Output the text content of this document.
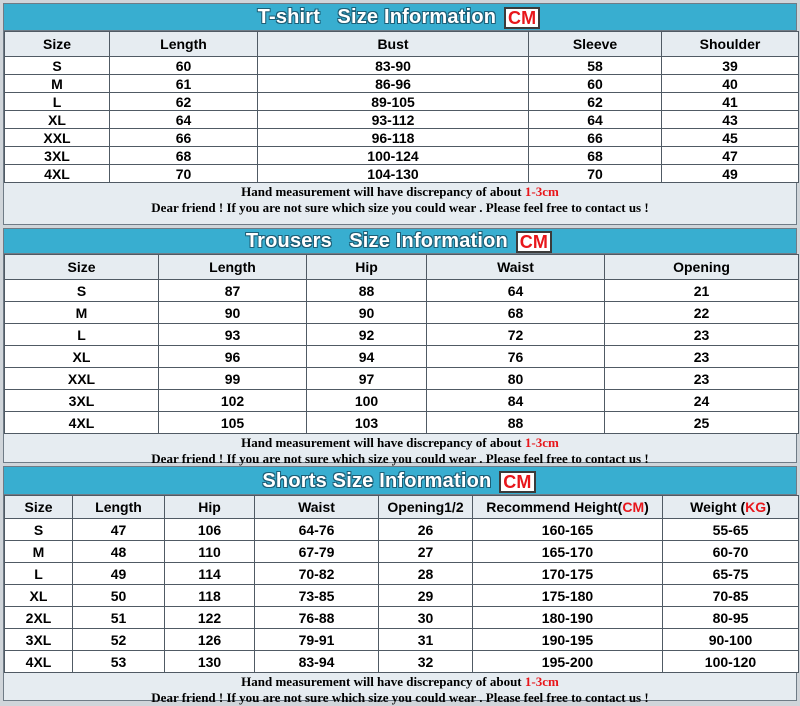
T-shirt   Size Information CM
Size	Length	Bust	Sleeve	Shoulder
S	60	83-90	58	39
M	61	86-96	60	40
L	62	89-105	62	41
XL	64	93-112	64	43
XXL	66	96-118	66	45
3XL	68	100-124	68	47
4XL	70	104-130	70	49
Hand measurement will have discrepancy of about 1-3cm
Dear friend ! If you are not sure which size you could wear . Please feel free to contact us !
Trousers   Size Information CM
Size	Length	Hip	Waist	Opening
S	87	88	64	21
M	90	90	68	22
L	93	92	72	23
XL	96	94	76	23
XXL	99	97	80	23
3XL	102	100	84	24
4XL	105	103	88	25
Hand measurement will have discrepancy of about 1-3cm
Dear friend ! If you are not sure which size you could wear . Please feel free to contact us !
Shorts Size Information CM
Size	Length	Hip	Waist	Opening1/2	Recommend Height(CM)	Weight (KG)
S	47	106	64-76	26	160-165	55-65
M	48	110	67-79	27	165-170	60-70
L	49	114	70-82	28	170-175	65-75
XL	50	118	73-85	29	175-180	70-85
2XL	51	122	76-88	30	180-190	80-95
3XL	52	126	79-91	31	190-195	90-100
4XL	53	130	83-94	32	195-200	100-120
Hand measurement will have discrepancy of about 1-3cm
Dear friend ! If you are not sure which size you could wear . Please feel free to contact us !
